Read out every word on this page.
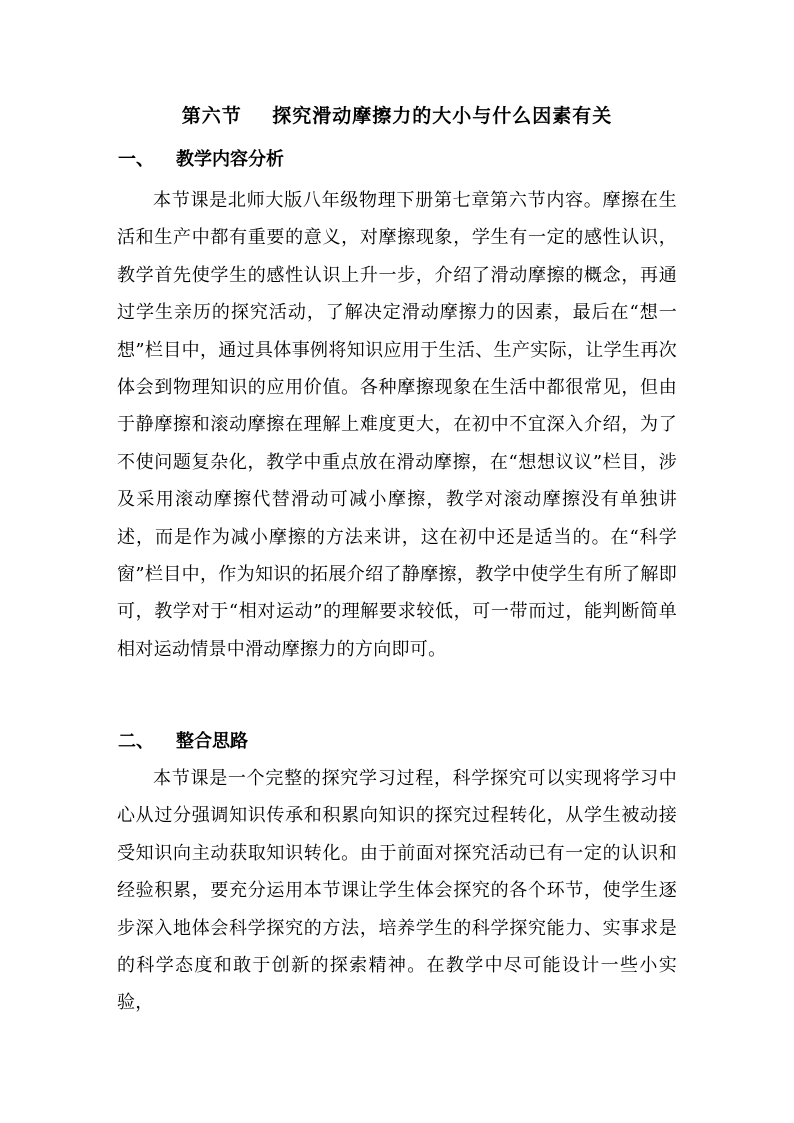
第六节    探究滑动摩擦力的大小与什么因素有关
一、 教学内容分析
本节课是北师大版八年级物理下册第七章第六节内容。摩擦在生活和生产中都有重要的意义，对摩擦现象，学生有一定的感性认识，教学首先使学生的感性认识上升一步，介绍了滑动摩擦的概念，再通过学生亲历的探究活动，了解决定滑动摩擦力的因素，最后在“想一想”栏目中，通过具体事例将知识应用于生活、生产实际，让学生再次体会到物理知识的应用价值。各种摩擦现象在生活中都很常见，但由于静摩擦和滚动摩擦在理解上难度更大，在初中不宜深入介绍，为了不使问题复杂化，教学中重点放在滑动摩擦，在“想想议议”栏目，涉及采用滚动摩擦代替滑动可减小摩擦，教学对滚动摩擦没有单独讲述，而是作为减小摩擦的方法来讲，这在初中还是适当的。在“科学窗”栏目中，作为知识的拓展介绍了静摩擦，教学中使学生有所了解即可，教学对于“相对运动”的理解要求较低，可一带而过，能判断简单相对运动情景中滑动摩擦力的方向即可。
二、 整合思路
本节课是一个完整的探究学习过程，科学探究可以实现将学习中心从过分强调知识传承和积累向知识的探究过程转化，从学生被动接受知识向主动获取知识转化。由于前面对探究活动已有一定的认识和经验积累，要充分运用本节课让学生体会探究的各个环节，使学生逐步深入地体会科学探究的方法，培养学生的科学探究能力、实事求是的科学态度和敢于创新的探索精神。在教学中尽可能设计一些小实验，
